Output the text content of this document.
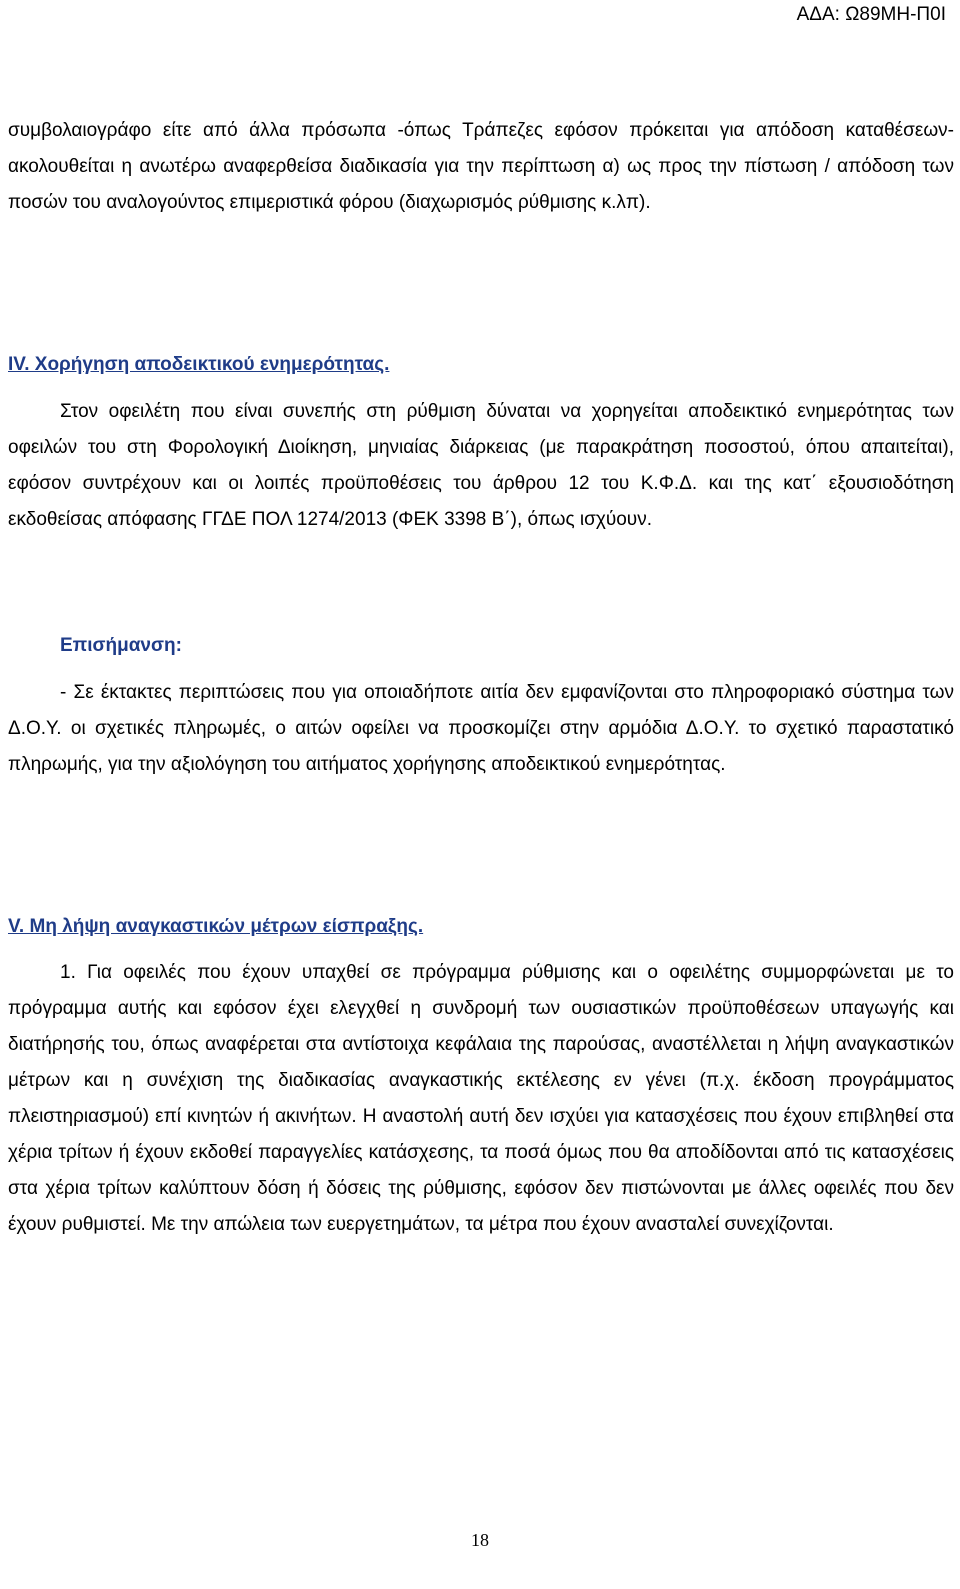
ΑΔΑ: Ω89ΜΗ-Π0Ι

συμβολαιογράφο είτε από άλλα πρόσωπα -όπως Τράπεζες εφόσον πρόκειται για απόδοση καταθέσεων- ακολουθείται η ανωτέρω αναφερθείσα διαδικασία για την περίπτωση α) ως προς την πίστωση / απόδοση των ποσών του αναλογούντος επιμεριστικά φόρου (διαχωρισμός ρύθμισης κ.λπ).

IV. Χορήγηση αποδεικτικού ενημερότητας.

Στον οφειλέτη που είναι συνεπής στη ρύθμιση δύναται να χορηγείται αποδεικτικό ενημερότητας των οφειλών του στη Φορολογική Διοίκηση, μηνιαίας διάρκειας (με παρακράτηση ποσοστού, όπου απαιτείται), εφόσον συντρέχουν και οι λοιπές προϋποθέσεις του άρθρου 12 του Κ.Φ.Δ. και της κατ΄ εξουσιοδότηση εκδοθείσας απόφασης ΓΓΔΕ ΠΟΛ 1274/2013 (ΦΕΚ 3398 Β΄), όπως ισχύουν.

Επισήμανση:

- Σε έκτακτες περιπτώσεις που για οποιαδήποτε αιτία δεν εμφανίζονται στο πληροφοριακό σύστημα των Δ.Ο.Υ. οι σχετικές πληρωμές, ο αιτών οφείλει να προσκομίζει στην αρμόδια Δ.Ο.Υ. το σχετικό παραστατικό πληρωμής, για την αξιολόγηση του αιτήματος χορήγησης αποδεικτικού ενημερότητας.

V. Μη λήψη αναγκαστικών μέτρων είσπραξης.

1. Για οφειλές που έχουν υπαχθεί σε πρόγραμμα ρύθμισης και ο οφειλέτης συμμορφώνεται με το πρόγραμμα αυτής και εφόσον έχει ελεγχθεί η συνδρομή των ουσιαστικών προϋποθέσεων υπαγωγής και διατήρησής του, όπως αναφέρεται στα αντίστοιχα κεφάλαια της παρούσας, αναστέλλεται η λήψη αναγκαστικών μέτρων και η συνέχιση της διαδικασίας αναγκαστικής εκτέλεσης εν γένει (π.χ. έκδοση προγράμματος πλειστηριασμού) επί κινητών ή ακινήτων. Η αναστολή αυτή δεν ισχύει για κατασχέσεις που έχουν επιβληθεί στα χέρια τρίτων ή έχουν εκδοθεί παραγγελίες κατάσχεσης, τα ποσά όμως που θα αποδίδονται από τις κατασχέσεις στα χέρια τρίτων καλύπτουν δόση ή δόσεις της ρύθμισης, εφόσον δεν πιστώνονται με άλλες οφειλές που δεν έχουν ρυθμιστεί. Με την απώλεια των ευεργετημάτων, τα μέτρα που έχουν ανασταλεί συνεχίζονται.

18
